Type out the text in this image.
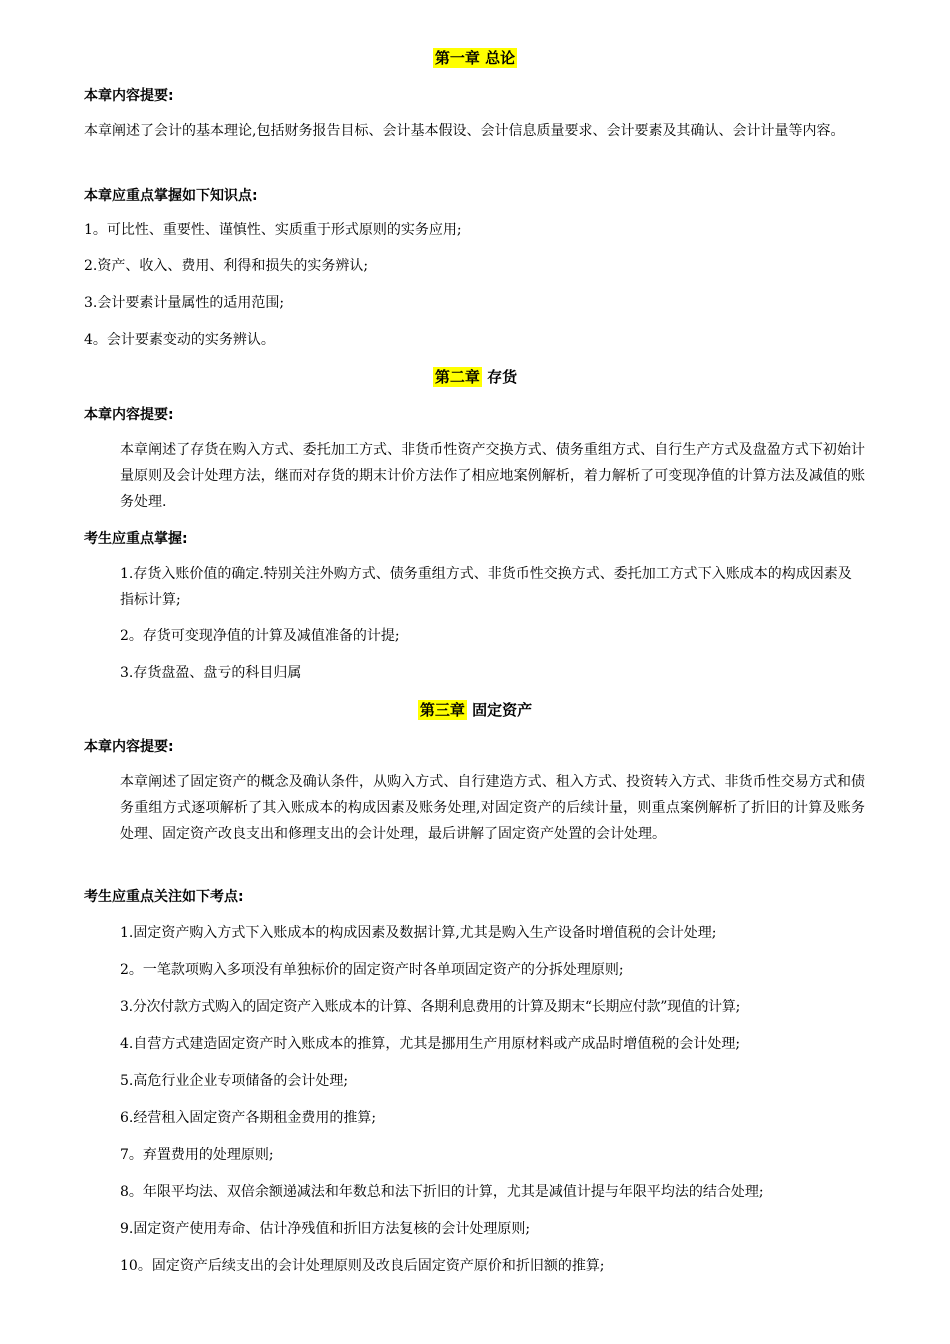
第一章 总论
本章内容提要:
本章阐述了会计的基本理论,包括财务报告目标、会计基本假设、会计信息质量要求、会计要素及其确认、会计计量等内容。
本章应重点掌握如下知识点:
1。可比性、重要性、谨慎性、实质重于形式原则的实务应用;
2.资产、收入、费用、利得和损失的实务辨认;
3.会计要素计量属性的适用范围;
4。会计要素变动的实务辨认。
第二章 存货
本章内容提要:
本章阐述了存货在购入方式、委托加工方式、非货币性资产交换方式、债务重组方式、自行生产方式及盘盈方式下初始计量原则及会计处理方法，继而对存货的期末计价方法作了相应地案例解析，着力解析了可变现净值的计算方法及减值的账务处理.
考生应重点掌握:
1.存货入账价值的确定.特别关注外购方式、债务重组方式、非货币性交换方式、委托加工方式下入账成本的构成因素及指标计算;
2。存货可变现净值的计算及减值准备的计提;
3.存货盘盈、盘亏的科目归属
第三章 固定资产
本章内容提要:
本章阐述了固定资产的概念及确认条件，从购入方式、自行建造方式、租入方式、投资转入方式、非货币性交易方式和债务重组方式逐项解析了其入账成本的构成因素及账务处理,对固定资产的后续计量，则重点案例解析了折旧的计算及账务处理、固定资产改良支出和修理支出的会计处理，最后讲解了固定资产处置的会计处理。
考生应重点关注如下考点:
1.固定资产购入方式下入账成本的构成因素及数据计算,尤其是购入生产设备时增值税的会计处理;
2。一笔款项购入多项没有单独标价的固定资产时各单项固定资产的分拆处理原则;
3.分次付款方式购入的固定资产入账成本的计算、各期利息费用的计算及期末“长期应付款”现值的计算;
4.自营方式建造固定资产时入账成本的推算，尤其是挪用生产用原材料或产成品时增值税的会计处理;
5.高危行业企业专项储备的会计处理;
6.经营租入固定资产各期租金费用的推算;
7。弃置费用的处理原则;
8。年限平均法、双倍余额递减法和年数总和法下折旧的计算，尤其是减值计提与年限平均法的结合处理;
9.固定资产使用寿命、估计净残值和折旧方法复核的会计处理原则;
10。固定资产后续支出的会计处理原则及改良后固定资产原价和折旧额的推算;
